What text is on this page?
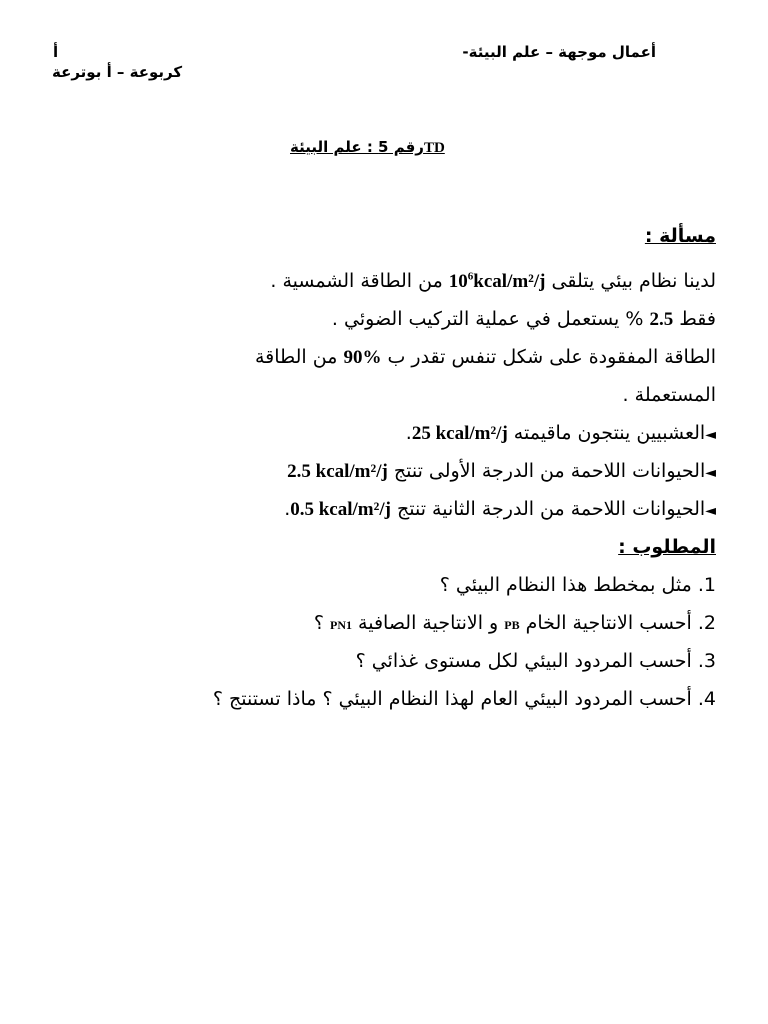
أعمال موجهة – علم البيئة-
أ
كربوعة – أ بوترعة
TDرقم 5 : علم البيئة
مسألة :
لدينا نظام بيئي يتلقى $10^6kcal/m^2/j$ من الطاقة الشمسية .
فقط 2.5 % يستعمل في عملية التركيب الضوئي .
الطاقة المفقودة على شكل تنفس تقدر ب 90% من الطاقة
المستعملة .
◄العشبيين ينتجون ماقيمته 25 kcal/m²/j.
◄الحيوانات اللاحمة من الدرجة الأولى تنتج 2.5 kcal/m²/j
◄الحيوانات اللاحمة من الدرجة الثانية تنتج 0.5 kcal/m²/j.
المطلوب :
1. مثل بمخطط هذا النظام البيئي ؟
2. أحسب الانتاجية الخام PB و الانتاجية الصافية PN1 ؟
3. أحسب المردود البيئي لكل مستوى غذائي ؟
4. أحسب المردود البيئي العام لهذا النظام البيئي ؟ ماذا تستنتج ؟
